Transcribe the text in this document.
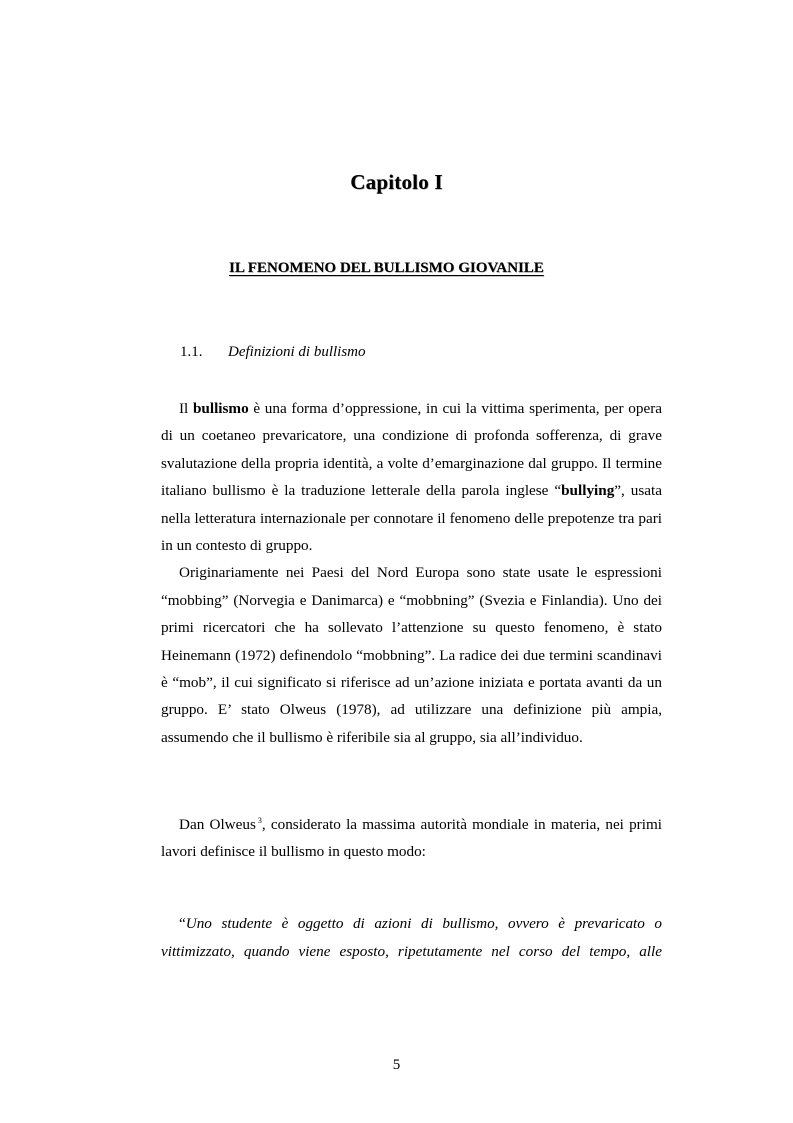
Capitolo I
IL FENOMENO DEL BULLISMO GIOVANILE
1.1. Definizioni di bullismo

Il bullismo è una forma d’oppressione, in cui la vittima sperimenta, per opera di un coetaneo prevaricatore, una condizione di profonda sofferenza, di grave svalutazione della propria identità, a volte d’emarginazione dal gruppo. Il termine italiano bullismo è la traduzione letterale della parola inglese “bullying”, usata nella letteratura internazionale per connotare il fenomeno delle prepotenze tra pari in un contesto di gruppo.

Originariamente nei Paesi del Nord Europa sono state usate le espressioni “mobbing” (Norvegia e Danimarca) e “mobbning” (Svezia e Finlandia). Uno dei primi ricercatori che ha sollevato l’attenzione su questo fenomeno, è stato Heinemann (1972) definendolo “mobbning”. La radice dei due termini scandinavi è “mob”, il cui significato si riferisce ad un’azione iniziata e portata avanti da un gruppo. E’ stato Olweus (1978), ad utilizzare una definizione più ampia, assumendo che il bullismo è riferibile sia al gruppo, sia all’individuo.

Dan Olweus $^3$, considerato la massima autorità mondiale in materia, nei primi lavori definisce il bullismo in questo modo:

“Uno studente è oggetto di azioni di bullismo, ovvero è prevaricato o vittimizzato, quando viene esposto, ripetutamente nel corso del tempo, alle
5
